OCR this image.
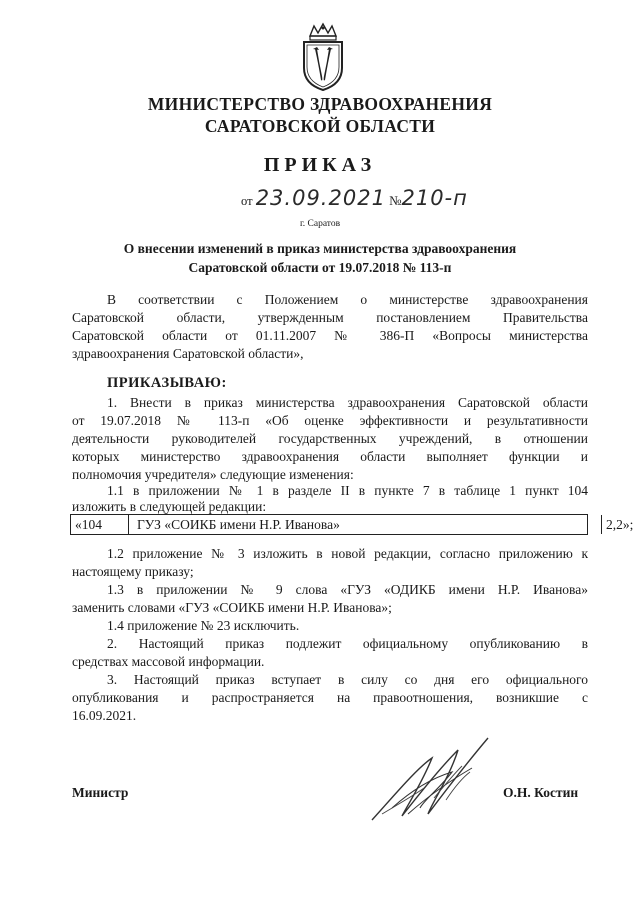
МИНИСТЕРСТВО ЗДРАВООХРАНЕНИЯ
САРАТОВСКОЙ ОБЛАСТИ
ПРИКАЗ
от 23.09.2021 №210-п
г. Саратов
О внесении изменений в приказ министерства здравоохранения
Саратовской области от 19.07.2018 № 113-п
В соответствии с Положением о министерстве здравоохранения
Саратовской области, утвержденным постановлением Правительства
Саратовской области от 01.11.2007 № 386-П «Вопросы министерства
здравоохранения Саратовской области»,
ПРИКАЗЫВАЮ:
1. Внести в приказ министерства здравоохранения Саратовской области
от 19.07.2018 № 113-п «Об оценке эффективности и результативности
деятельности руководителей государственных учреждений, в отношении
которых министерство здравоохранения области выполняет функции и
полномочия учредителя» следующие изменения:
1.1 в приложении № 1 в разделе II в пункте 7 в таблице 1 пункт 104
изложить в следующей редакции:
«104	ГУЗ «СОИКБ имени Н.Р. Иванова»	2,2»;
1.2 приложение № 3 изложить в новой редакции, согласно приложению к
настоящему приказу;
1.3 в приложении № 9 слова «ГУЗ «ОДИКБ имени Н.Р. Иванова»
заменить словами «ГУЗ «СОИКБ имени Н.Р. Иванова»;
1.4 приложение № 23 исключить.
2. Настоящий приказ подлежит официальному опубликованию в
средствах массовой информации.
3. Настоящий приказ вступает в силу со дня его официального
опубликования и распространяется на правоотношения, возникшие с
16.09.2021.
Министр	О.Н. Костин
